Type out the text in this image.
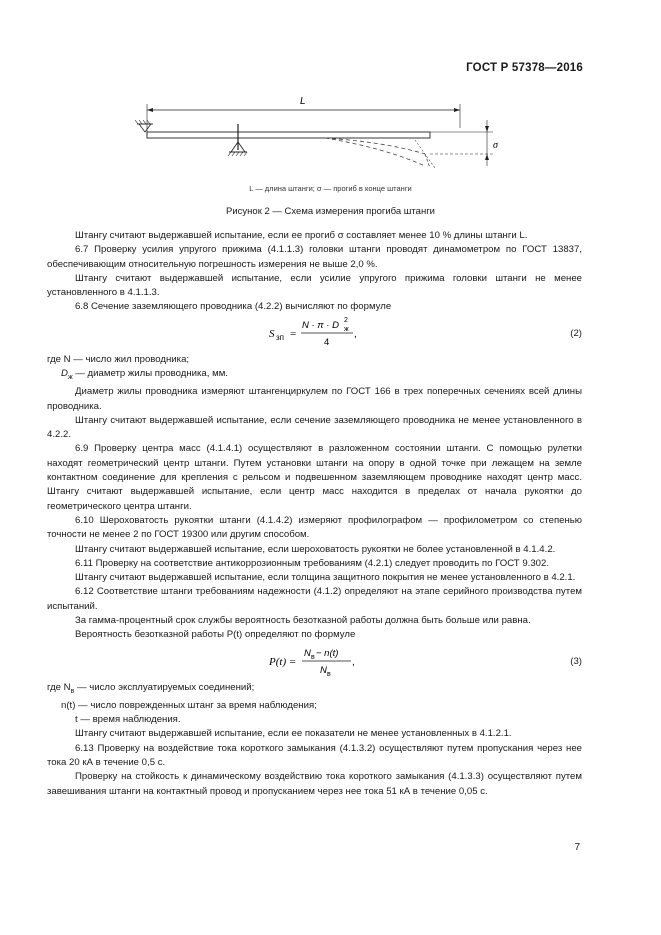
ГОСТ Р 57378—2016
L
σ
L — длина штанги; σ — прогиб в конце штанги
Рисунок 2 — Схема измерения прогиба штанги

Штангу считают выдержавшей испытание, если ее прогиб σ составляет менее 10 % длины штанги L.

6.7 Проверку усилия упругого прижима (4.1.1.3) головки штанги проводят динамометром по ГОСТ 13837, обеспечивающим относительную погрешность измерения не выше 2,0 %.

Штангу считают выдержавшей испытание, если усилие упругого прижима головки штанги не менее установленного в 4.1.1.3.

6.8 Сечение заземляющего проводника (4.2.2) вычисляют по формуле

S зп =
N · π · D 2
ж
4
,	(2)

где N — число жил проводника;

$D_ж$ — диаметр жилы проводника, мм.

Диаметр жилы проводника измеряют штангенциркулем по ГОСТ 166 в трех поперечных сечениях всей длины проводника.

Штангу считают выдержавшей испытание, если сечение заземляющего проводника не менее установленного в 4.2.2.

6.9 Проверку центра масс (4.1.4.1) осуществляют в разложенном состоянии штанги. С помощью рулетки находят геометрический центр штанги. Путем установки штанги на опору в одной точке при лежащем на земле контактном соединение для крепления с рельсом и подвешенном заземляющем проводнике находят центр масс. Штангу считают выдержавшей испытание, если центр масс находится в пределах от начала рукоятки до геометрического центра штанги.

6.10 Шероховатость рукоятки штанги (4.1.4.2) измеряют профилографом — профилометром со степенью точности не менее 2 по ГОСТ 19300 или другим способом.

Штангу считают выдержавшей испытание, если шероховатость рукоятки не более установленной в 4.1.4.2.

6.11 Проверку на соответствие антикоррозионным требованиям (4.2.1) следует проводить по ГОСТ 9.302.

Штангу считают выдержавшей испытание, если толщина защитного покрытия не менее установленного в 4.2.1.

6.12 Соответствие штанги требованиям надежности (4.1.2) определяют на этапе серийного производства путем испытаний.

За гамма-процентный срок службы вероятность безотказной работы должна быть больше или равна.

Вероятность безотказной работы P(t) определяют по формуле

P(t) =
N в − n(t)
N в
,	(3)

где $N_в$ — число эксплуатируемых соединений;

n(t) — число поврежденных штанг за время наблюдения;

t — время наблюдения.

Штангу считают выдержавшей испытание, если ее показатели не менее установленных в 4.1.2.1.

6.13 Проверку на воздействие тока короткого замыкания (4.1.3.2) осуществляют путем пропускания через нее тока 20 кА в течение 0,5 с.

Проверку на стойкость к динамическому воздействию тока короткого замыкания (4.1.3.3) осуществляют путем завешивания штанги на контактный провод и пропусканием через нее тока 51 кА в течение 0,05 с.

7
